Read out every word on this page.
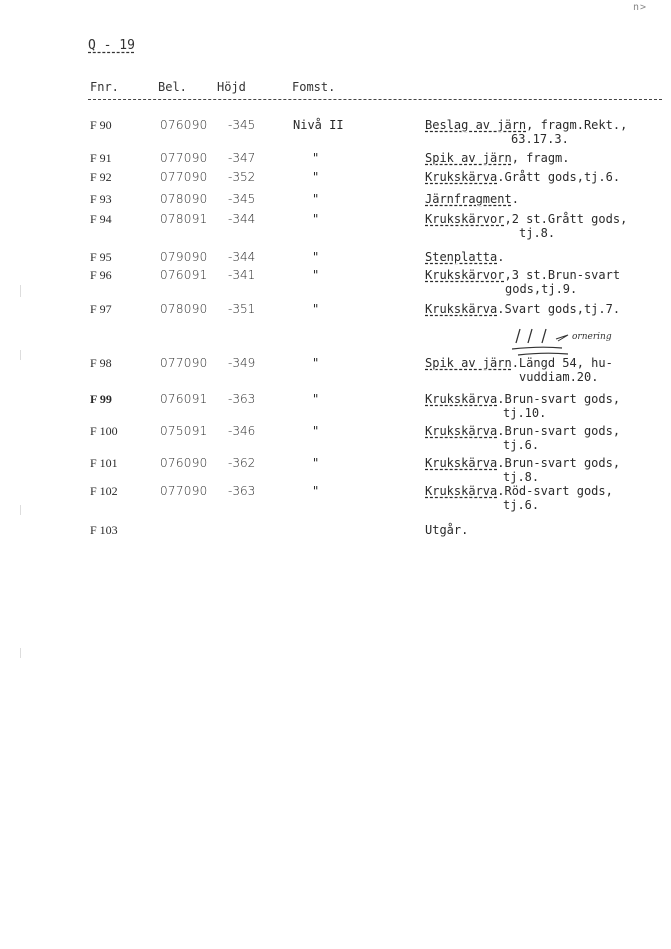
n>
Q - 19
Fnr.	Bel.	Höjd	Fomst.
F 90	076090 -345	Nivå II	Beslag av järn, fragm.Rekt.,
63.17.3.
F 91	077090 -347	"	Spik av järn, fragm.
F 92	077090 -352	"	Krukskärva.Grått gods,tj.6.
F 93	078090 -345	"	Järnfragment.
F 94	078091 -344	"	Krukskärvor,2 st.Grått gods,
tj.8.
F 95	079090 -344	"	Stenplatta.
F 96	076091 -341	"	Krukskärvor,3 st.Brun-svart
gods,tj.9.
F 97	078090 -351	"	Krukskärva.Svart gods,tj.7.
ornering
F 98	077090 -349	"	Spik av järn.Längd 54, hu-
vuddiam.20.
F 99	076091 -363	"	Krukskärva.Brun-svart gods,
tj.10.
F 100	075091 -346	"	Krukskärva.Brun-svart gods,
tj.6.
F 101	076090 -362	"	Krukskärva.Brun-svart gods,
tj.8.
F 102	077090 -363	"	Krukskärva.Röd-svart gods,
tj.6.
F 103	Utgår.
